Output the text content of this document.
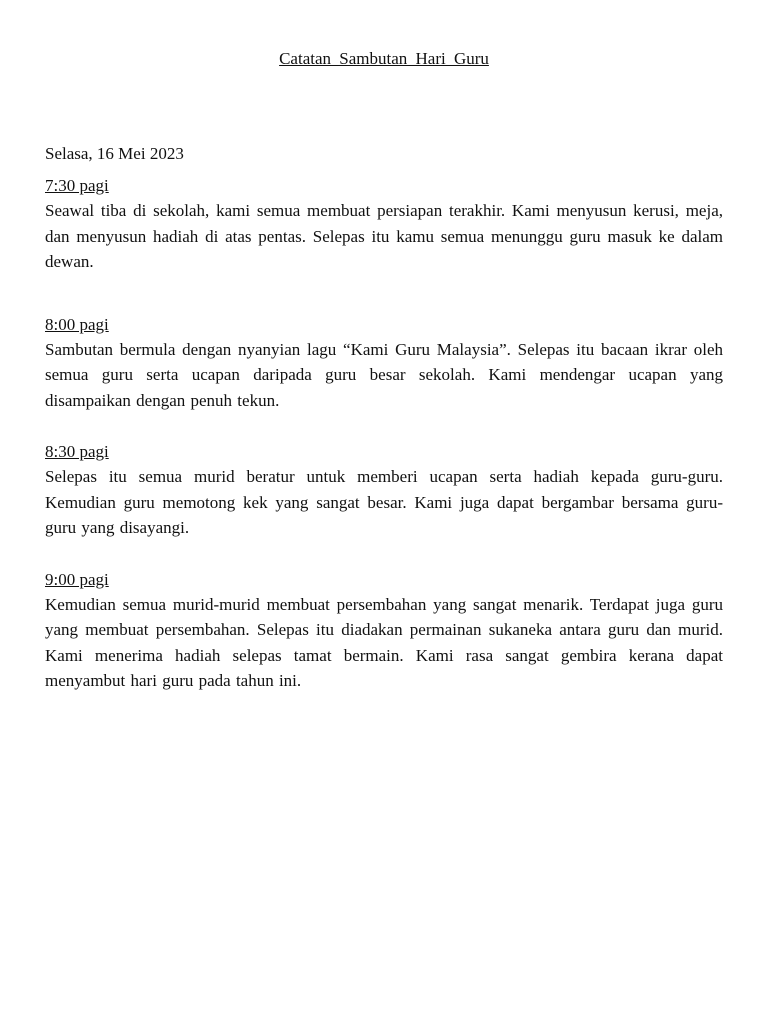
Catatan Sambutan Hari Guru
Selasa, 16 Mei 2023
7:30 pagi

Seawal tiba di sekolah, kami semua membuat persiapan terakhir. Kami menyusun kerusi, meja, dan menyusun hadiah di atas pentas. Selepas itu kamu semua menunggu guru masuk ke dalam dewan.

8:00 pagi

Sambutan bermula dengan nyanyian lagu “Kami Guru Malaysia”. Selepas itu bacaan ikrar oleh semua guru serta ucapan daripada guru besar sekolah. Kami mendengar ucapan yang disampaikan dengan penuh tekun.

8:30 pagi

Selepas itu semua murid beratur untuk memberi ucapan serta hadiah kepada guru-guru. Kemudian guru memotong kek yang sangat besar. Kami juga dapat bergambar bersama guru-guru yang disayangi.

9:00 pagi

Kemudian semua murid-murid membuat persembahan yang sangat menarik. Terdapat juga guru yang membuat persembahan. Selepas itu diadakan permainan sukaneka antara guru dan murid. Kami menerima hadiah selepas tamat bermain. Kami rasa sangat gembira kerana dapat menyambut hari guru pada tahun ini.
